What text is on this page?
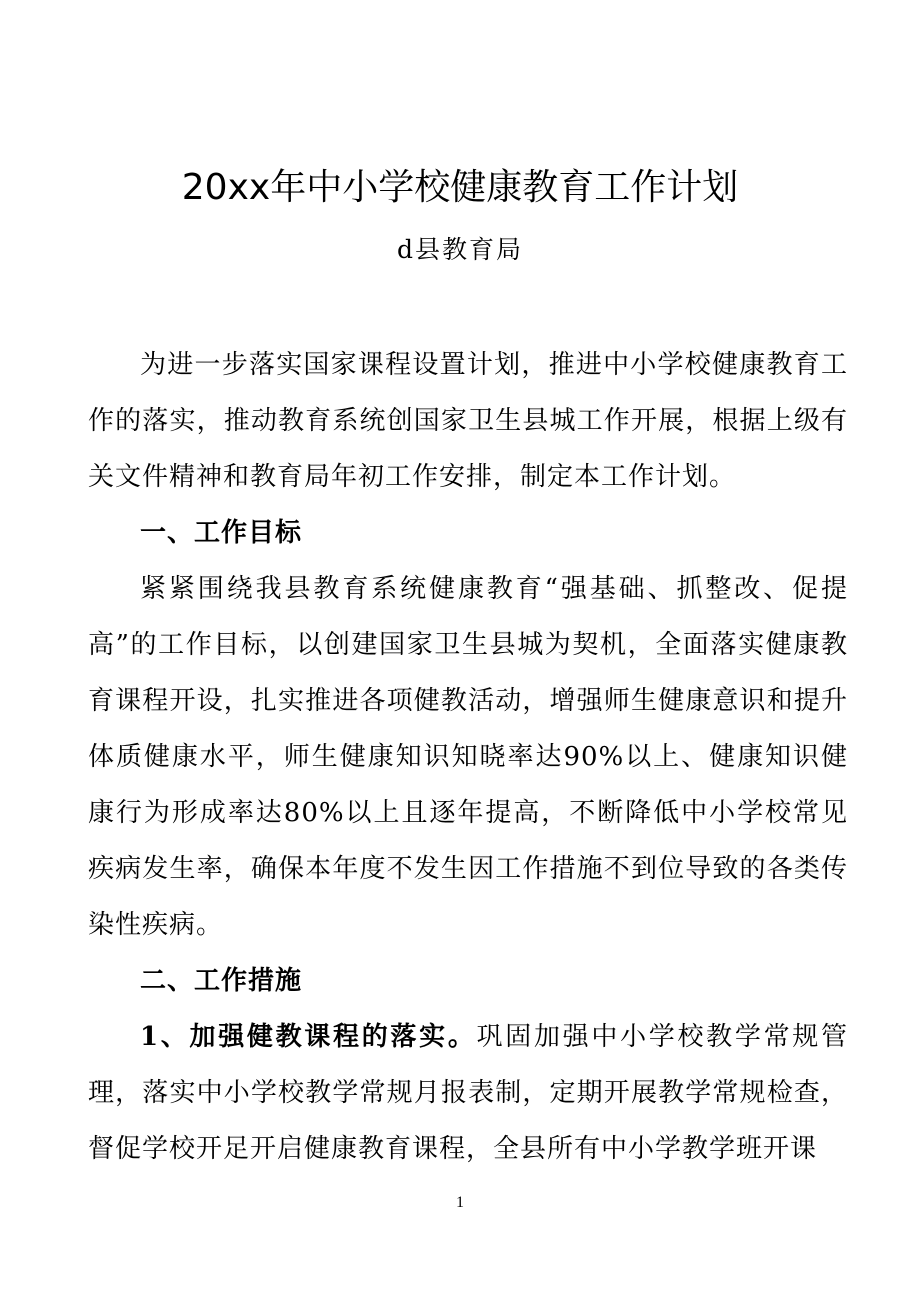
20xx年中小学校健康教育工作计划
d县教育局

为进一步落实国家课程设置计划，推进中小学校健康教育工作的落实，推动教育系统创国家卫生县城工作开展，根据上级有关文件精神和教育局年初工作安排，制定本工作计划。

一、工作目标

紧紧围绕我县教育系统健康教育“强基础、抓整改、促提高”的工作目标，以创建国家卫生县城为契机，全面落实健康教育课程开设，扎实推进各项健教活动，增强师生健康意识和提升体质健康水平，师生健康知识知晓率达90%以上、健康知识健康行为形成率达80%以上且逐年提高，不断降低中小学校常见疾病发生率，确保本年度不发生因工作措施不到位导致的各类传染性疾病。

二、工作措施

1、加强健教课程的落实。巩固加强中小学校教学常规管理，落实中小学校教学常规月报表制，定期开展教学常规检查，督促学校开足开启健康教育课程，全县所有中小学教学班开课

1
